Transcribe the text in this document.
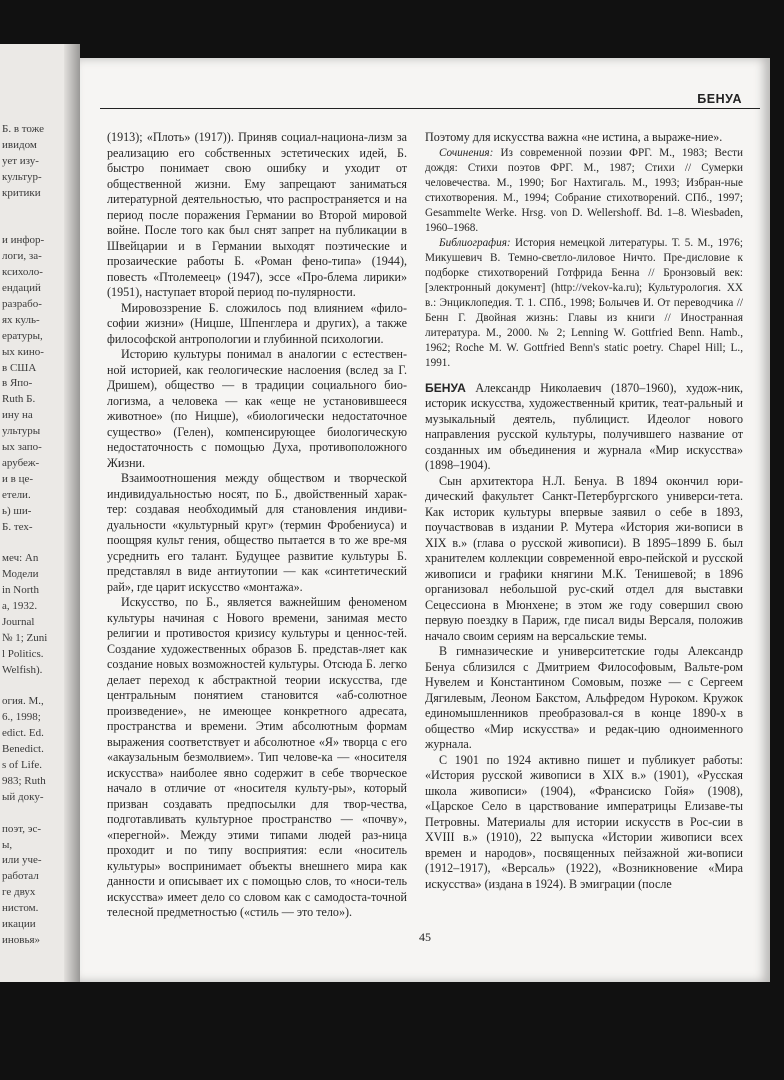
Б. в тоже
ивидом
ует изу-
культур-
критики
и инфор-
логи, за-
ксихоло-
ендаций
разрабо-
ях куль-
ературы,
ых кино-
в США
в Япо-
Ruth Б.
ину на
ультуры
ых запо-
арубеж-
и в це-
етели.
ь) ши-
Б. тех-
меч: An
Модели
in North
a, 1932.
Journal
№ 1; Zuni
l Politics.
Welfish).
огия. М.,
6., 1998;
edict. Ed.
Benedict.
s of Life.
983; Ruth
ый доку-
поэт, эс-
ы,
или уче-
работал
ге двух
нистом.
икации
иновья»
БЕНУА

(1913); «Плоть» (1917)). Приняв социал-национа-лизм за реализацию его собственных эстетических идей, Б. быстро понимает свою ошибку и уходит от общественной жизни. Ему запрещают заниматься литературной деятельностью, что распространяется и на период после поражения Германии во Второй мировой войне. После того как был снят запрет на публикации в Швейцарии и в Германии выходят поэтические и прозаические работы Б. «Роман фено-типа» (1944), повесть «Птолемеец» (1947), эссе «Про-блема лирики» (1951), наступает второй период по-пулярности.

Мировоззрение Б. сложилось под влиянием «фило-софии жизни» (Ницше, Шпенглера и других), а также философской антропологии и глубинной психологии.

Историю культуры понимал в аналогии с естествен-ной историей, как геологические наслоения (вслед за Г. Дришем), общество — в традиции социального био-логизма, а человека — как «еще не установившееся животное» (по Ницше), «биологически недостаточное существо» (Гелен), компенсирующее биологическую недостаточность с помощью Духа, противоположного Жизни.

Взаимоотношения между обществом и творческой индивидуальностью носят, по Б., двойственный харак-тер: создавая необходимый для становления индиви-дуальности «культурный круг» (термин Фробениуса) и поощряя культ гения, общество пытается в то же вре-мя усреднить его талант. Будущее развитие культуры Б. представлял в виде антиутопии — как «синтетический рай», где царит искусство «монтажа».

Искусство, по Б., является важнейшим феноменом культуры начиная с Нового времени, занимая место религии и противостоя кризису культуры и ценнос-тей. Создание художественных образов Б. представ-ляет как создание новых возможностей культуры. Отсюда Б. легко делает переход к абстрактной теории искусства, где центральным понятием становится «аб-солютное произведение», не имеющее конкретного адресата, пространства и времени. Этим абсолютным формам выражения соответствует и абсолютное «Я» творца с его «акаузальным безмолвием». Тип челове-ка — «носителя искусства» наиболее явно содержит в себе творческое начало в отличие от «носителя культу-ры», который призван создавать предпосылки для твор-чества, подготавливать культурное пространство — «почву», «перегной». Между этими типами людей раз-ница проходит и по типу восприятия: если «носитель культуры» воспринимает объекты внешнего мира как данности и описывает их с помощью слов, то «носи-тель искусства» имеет дело со словом как с самодоста-точной телесной предметностью («стиль — это тело»).

Поэтому для искусства важна «не истина, а выраже-ние».

Сочинения: Из современной поэзии ФРГ. М., 1983; Вести дождя: Стихи поэтов ФРГ. М., 1987; Стихи // Сумерки человечества. М., 1990; Бог Нахтигаль. М., 1993; Избран-ные стихотворения. М., 1994; Собрание стихотворений. СПб., 1997; Gesammelte Werke. Hrsg. von D. Wellershoff. Bd. 1–8. Wiesbaden, 1960–1968.

Библиография: История немецкой литературы. Т. 5. М., 1976; Микушевич В. Темно-светло-лиловое Ничто. Пре-дисловие к подборке стихотворений Готфрида Бенна // Бронзовый век: [электронный документ] (http://vekov-ka.ru); Культурология. XX в.: Энциклопедия. Т. 1. СПб., 1998; Болычев И. От переводчика // Бенн Г. Двойная жизнь: Главы из книги // Иностранная литература. М., 2000. № 2; Lenning W. Gottfried Benn. Hamb., 1962; Roche M. W. Gottfried Benn's static poetry. Chapel Hill; L., 1991.

БЕНУА Александр Николаевич (1870–1960), худож-ник, историк искусства, художественный критик, теат-ральный и музыкальный деятель, публицист. Идеолог нового направления русской культуры, получившего название от созданных им объединения и журнала «Мир искусства» (1898–1904).

Сын архитектора Н.Л. Бенуа. В 1894 окончил юри-дический факультет Санкт-Петербургского универси-тета. Как историк культуры впервые заявил о себе в 1893, поучаствовав в издании Р. Мутера «История жи-вописи в XIX в.» (глава о русской живописи). В 1895–1899 Б. был хранителем коллекции современной евро-пейской и русской живописи и графики княгини М.К. Тенишевой; в 1896 организовал небольшой рус-ский отдел для выставки Сецессиона в Мюнхене; в этом же году совершил свою первую поездку в Париж, где писал виды Версаля, положив начало своим сериям на версальские темы.

В гимназические и университетские годы Александр Бенуа сблизился с Дмитрием Философовым, Вальте-ром Нувелем и Константином Сомовым, позже — с Сергеем Дягилевым, Леоном Бакстом, Альфредом Нуроком. Кружок единомышленников преобразовал-ся в конце 1890-х в общество «Мир искусства» и редак-цию одноименного журнала.

С 1901 по 1924 активно пишет и публикует работы: «История русской живописи в XIX в.» (1901), «Русская школа живописи» (1904), «Франсиско Гойя» (1908), «Царское Село в царствование императрицы Елизаве-ты Петровны. Материалы для истории искусств в Рос-сии в XVIII в.» (1910), 22 выпуска «Истории живописи всех времен и народов», посвященных пейзажной жи-вописи (1912–1917), «Версаль» (1922), «Возникновение «Мира искусства» (издана в 1924). В эмиграции (после

45
